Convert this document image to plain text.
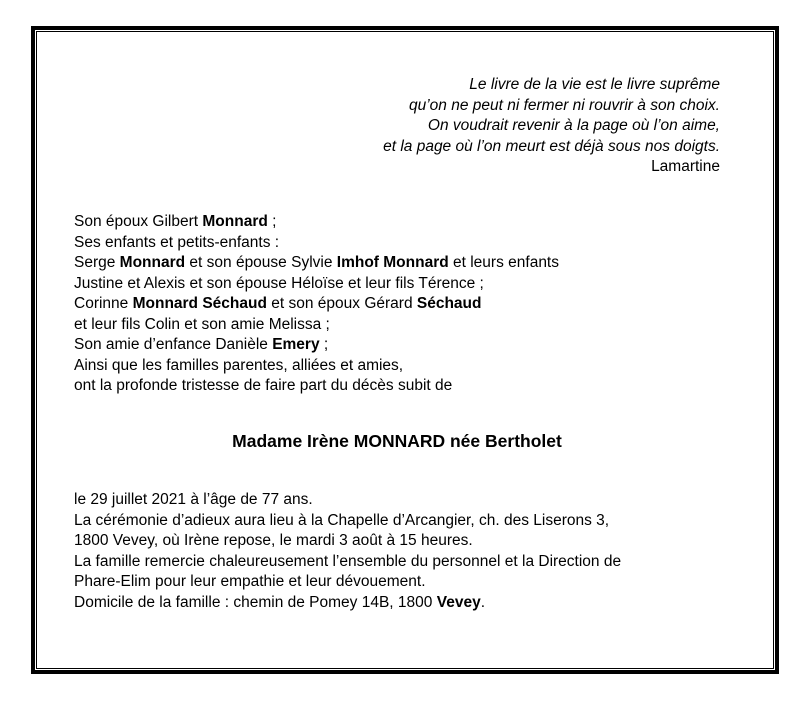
Le livre de la vie est le livre suprême
qu’on ne peut ni fermer ni rouvrir à son choix.
On voudrait revenir à la page où l’on aime,
et la page où l’on meurt est déjà sous nos doigts.
Lamartine
Son époux Gilbert Monnard ;
Ses enfants et petits-enfants :
Serge Monnard et son épouse Sylvie Imhof Monnard et leurs enfants
Justine et Alexis et son épouse Héloïse et leur fils Térence ;
Corinne Monnard Séchaud et son époux Gérard Séchaud
et leur fils Colin et son amie Melissa ;
Son amie d’enfance Danièle Emery ;
Ainsi que les familles parentes, alliées et amies,
ont la profonde tristesse de faire part du décès subit de
Madame Irène MONNARD née Bertholet
le 29 juillet 2021 à l’âge de 77 ans.
La cérémonie d’adieux aura lieu à la Chapelle d’Arcangier, ch. des Liserons 3,
1800 Vevey, où Irène repose, le mardi 3 août à 15 heures.
La famille remercie chaleureusement l’ensemble du personnel et la Direction de
Phare-Elim pour leur empathie et leur dévouement.
Domicile de la famille : chemin de Pomey 14B, 1800 Vevey.
